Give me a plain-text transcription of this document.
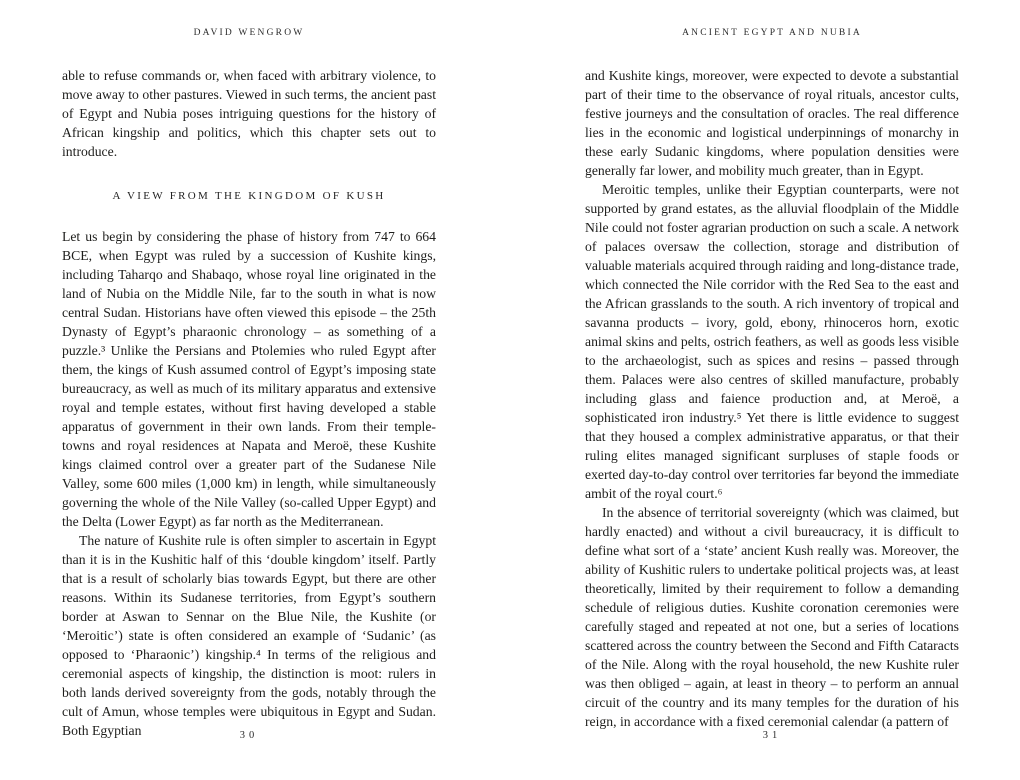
DAVID WENGROW

able to refuse commands or, when faced with arbitrary violence, to move away to other pastures. Viewed in such terms, the ancient past of Egypt and Nubia poses intriguing questions for the history of African kingship and politics, which this chapter sets out to introduce.

A VIEW FROM THE KINGDOM OF KUSH

Let us begin by considering the phase of history from 747 to 664 BCE, when Egypt was ruled by a succession of Kushite kings, including Taharqo and Shabaqo, whose royal line originated in the land of Nubia on the Middle Nile, far to the south in what is now central Sudan. Historians have often viewed this episode – the 25th Dynasty of Egypt’s pharaonic chronology – as something of a puzzle.³ Unlike the Persians and Ptolemies who ruled Egypt after them, the kings of Kush assumed control of Egypt’s imposing state bureaucracy, as well as much of its military apparatus and extensive royal and temple estates, without first having developed a stable apparatus of government in their own lands. From their temple-towns and royal residences at Napata and Meroë, these Kushite kings claimed control over a greater part of the Sudanese Nile Valley, some 600 miles (1,000 km) in length, while simultaneously governing the whole of the Nile Valley (so-called Upper Egypt) and the Delta (Lower Egypt) as far north as the Mediterranean.

The nature of Kushite rule is often simpler to ascertain in Egypt than it is in the Kushitic half of this ‘double kingdom’ itself. Partly that is a result of scholarly bias towards Egypt, but there are other reasons. Within its Sudanese territories, from Egypt’s southern border at Aswan to Sennar on the Blue Nile, the Kushite (or ‘Meroitic’) state is often considered an example of ‘Sudanic’ (as opposed to ‘Pharaonic’) kingship.⁴ In terms of the religious and ceremonial aspects of kingship, the distinction is moot: rulers in both lands derived sovereignty from the gods, notably through the cult of Amun, whose temples were ubiquitous in Egypt and Sudan. Both Egyptian	30
ANCIENT EGYPT AND NUBIA

and Kushite kings, moreover, were expected to devote a substantial part of their time to the observance of royal rituals, ancestor cults, festive journeys and the consultation of oracles. The real difference lies in the economic and logistical underpinnings of monarchy in these early Sudanic kingdoms, where population densities were generally far lower, and mobility much greater, than in Egypt.

Meroitic temples, unlike their Egyptian counterparts, were not supported by grand estates, as the alluvial floodplain of the Middle Nile could not foster agrarian production on such a scale. A network of palaces oversaw the collection, storage and distribution of valuable materials acquired through raiding and long-distance trade, which connected the Nile corridor with the Red Sea to the east and the African grasslands to the south. A rich inventory of tropical and savanna products – ivory, gold, ebony, rhinoceros horn, exotic animal skins and pelts, ostrich feathers, as well as goods less visible to the archaeologist, such as spices and resins – passed through them. Palaces were also centres of skilled manufacture, probably including glass and faience production and, at Meroë, a sophisticated iron industry.⁵ Yet there is little evidence to suggest that they housed a complex administrative apparatus, or that their ruling elites managed significant surpluses of staple foods or exerted day-to-day control over territories far beyond the immediate ambit of the royal court.⁶

In the absence of territorial sovereignty (which was claimed, but hardly enacted) and without a civil bureaucracy, it is difficult to define what sort of a ‘state’ ancient Kush really was. Moreover, the ability of Kushitic rulers to undertake political projects was, at least theoretically, limited by their requirement to follow a demanding schedule of religious duties. Kushite coronation ceremonies were carefully staged and repeated at not one, but a series of locations scattered across the country between the Second and Fifth Cataracts of the Nile. Along with the royal household, the new Kushite ruler was then obliged – again, at least in theory – to perform an annual circuit of the country and its many temples for the duration of his reign, in accordance with a fixed ceremonial calendar (a pattern of

31
